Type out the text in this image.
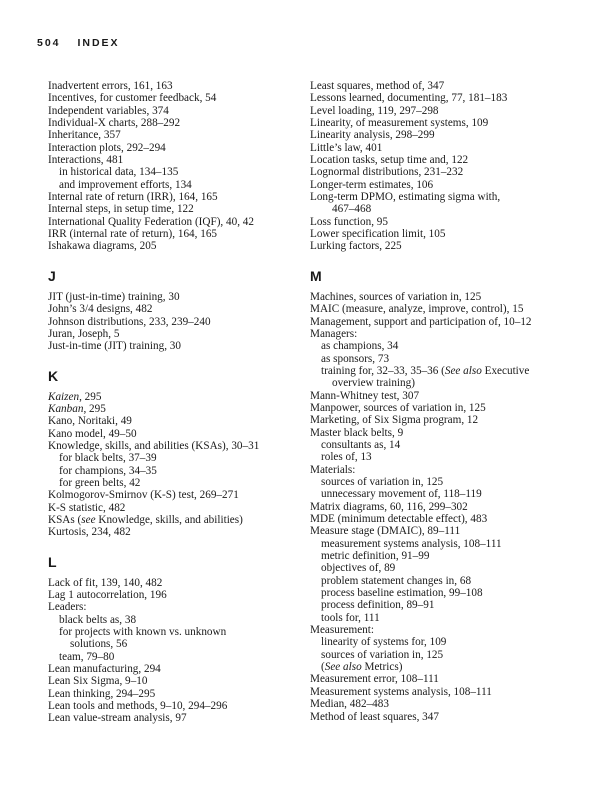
504 INDEX
Inadvertent errors, 161, 163
Incentives, for customer feedback, 54
Independent variables, 374
Individual-X charts, 288–292
Inheritance, 357
Interaction plots, 292–294
Interactions, 481
in historical data, 134–135
and improvement efforts, 134
Internal rate of return (IRR), 164, 165
Internal steps, in setup time, 122
International Quality Federation (IQF), 40, 42
IRR (internal rate of return), 164, 165
Ishakawa diagrams, 205
J
JIT (just-in-time) training, 30
John’s 3/4 designs, 482
Johnson distributions, 233, 239–240
Juran, Joseph, 5
Just-in-time (JIT) training, 30
K
Kaizen, 295
Kanban, 295
Kano, Noritaki, 49
Kano model, 49–50
Knowledge, skills, and abilities (KSAs), 30–31
for black belts, 37–39
for champions, 34–35
for green belts, 42
Kolmogorov-Smirnov (K-S) test, 269–271
K-S statistic, 482
KSAs (see Knowledge, skills, and abilities)
Kurtosis, 234, 482
L
Lack of fit, 139, 140, 482
Lag 1 autocorrelation, 196
Leaders:
black belts as, 38
for projects with known vs. unknown
solutions, 56
team, 79–80
Lean manufacturing, 294
Lean Six Sigma, 9–10
Lean thinking, 294–295
Lean tools and methods, 9–10, 294–296
Lean value-stream analysis, 97
Least squares, method of, 347
Lessons learned, documenting, 77, 181–183
Level loading, 119, 297–298
Linearity, of measurement systems, 109
Linearity analysis, 298–299
Little’s law, 401
Location tasks, setup time and, 122
Lognormal distributions, 231–232
Longer-term estimates, 106
Long-term DPMO, estimating sigma with,
467–468
Loss function, 95
Lower specification limit, 105
Lurking factors, 225
M
Machines, sources of variation in, 125
MAIC (measure, analyze, improve, control), 15
Management, support and participation of, 10–12
Managers:
as champions, 34
as sponsors, 73
training for, 32–33, 35–36 (See also Executive
overview training)
Mann-Whitney test, 307
Manpower, sources of variation in, 125
Marketing, of Six Sigma program, 12
Master black belts, 9
consultants as, 14
roles of, 13
Materials:
sources of variation in, 125
unnecessary movement of, 118–119
Matrix diagrams, 60, 116, 299–302
MDE (minimum detectable effect), 483
Measure stage (DMAIC), 89–111
measurement systems analysis, 108–111
metric definition, 91–99
objectives of, 89
problem statement changes in, 68
process baseline estimation, 99–108
process definition, 89–91
tools for, 111
Measurement:
linearity of systems for, 109
sources of variation in, 125
(See also Metrics)
Measurement error, 108–111
Measurement systems analysis, 108–111
Median, 482–483
Method of least squares, 347
